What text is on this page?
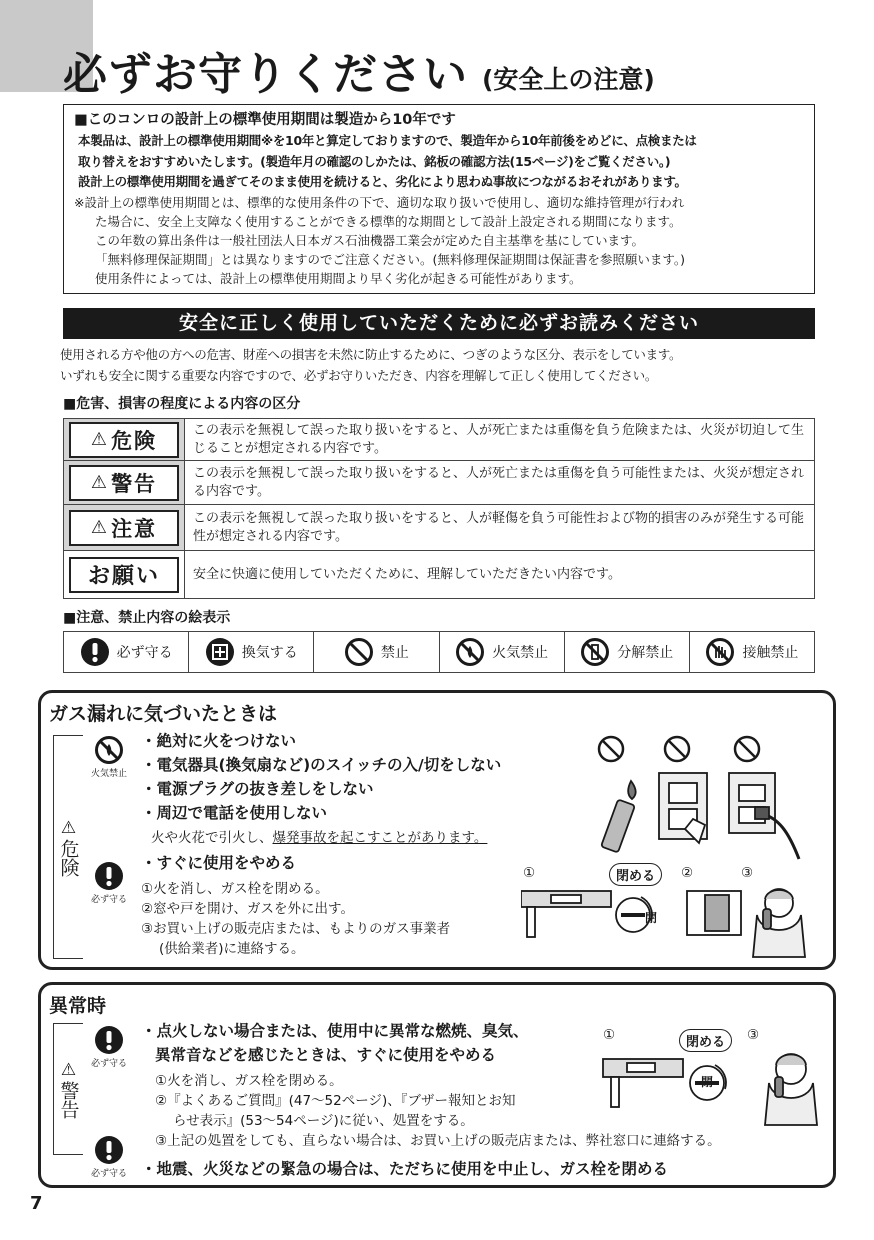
必ずお守りください (安全上の注意)
■このコンロの設計上の標準使用期間は製造から10年です
本製品は、設計上の標準使用期間※を10年と算定しておりますので、製造年から10年前後をめどに、点検または
取り替えをおすすめいたします。(製造年月の確認のしかたは、銘板の確認方法(15ページ)をご覧ください。)
設計上の標準使用期間を過ぎてそのまま使用を続けると、劣化により思わぬ事故につながるおそれがあります。
※設計上の標準使用期間とは、標準的な使用条件の下で、適切な取り扱いで使用し、適切な維持管理が行われ
た場合に、安全上支障なく使用することができる標準的な期間として設計上設定される期間になります。
この年数の算出条件は一般社団法人日本ガス石油機器工業会が定めた自主基準を基にしています。
「無料修理保証期間」とは異なりますのでご注意ください。(無料修理保証期間は保証書を参照願います。)
使用条件によっては、設計上の標準使用期間より早く劣化が起きる可能性があります。
安全に正しく使用していただくために必ずお読みください
使用される方や他の方への危害、財産への損害を未然に防止するために、つぎのような区分、表示をしています。
いずれも安全に関する重要な内容ですので、必ずお守りいただき、内容を理解して正しく使用してください。
■危害、損害の程度による内容の区分
⚠ 危険	この表示を無視して誤った取り扱いをすると、人が死亡または重傷を負う危険または、火災が切迫して生じることが想定される内容です。

⚠ 警告	この表示を無視して誤った取り扱いをすると、人が死亡または重傷を負う可能性または、火災が想定される内容です。

⚠ 注意	この表示を無視して誤った取り扱いをすると、人が軽傷を負う可能性および物的損害のみが発生する可能性が想定される内容です。

お願い	安全に快適に使用していただくために、理解していただきたい内容です。
■注意、禁止内容の絵表示
必ず守る	換気する	禁止	火気禁止	分解禁止	接触禁止
ガス漏れに気づいたときは
⚠
危険
火気禁止
・絶対に火をつけない
・電気器具(換気扇など)のスイッチの入/切をしない
・電源プラグの抜き差しをしない
・周辺で電話を使用しない
火や火花で引火し、爆発事故を起こすことがあります。
必ず守る
・すぐに使用をやめる
①火を消し、ガス栓を閉める。
②窓や戸を開け、ガスを外に出す。
③お買い上げの販売店または、もよりのガス事業者
(供給業者)に連絡する。
閉める
①	②	③
閉
異常時
⚠
警告
必ず守る
・点火しない場合または、使用中に異常な燃焼、臭気、
異常音などを感じたときは、すぐに使用をやめる
①火を消し、ガス栓を閉める。
②『よくあるご質問』(47〜52ページ)、『ブザー報知とお知
らせ表示』(53〜54ページ)に従い、処置をする。
③上記の処置をしても、直らない場合は、お買い上げの販売店または、弊社窓口に連絡する。
必ず守る ・地震、火災などの緊急の場合は、ただちに使用を中止し、ガス栓を閉める
①	閉める	③
閉
7
